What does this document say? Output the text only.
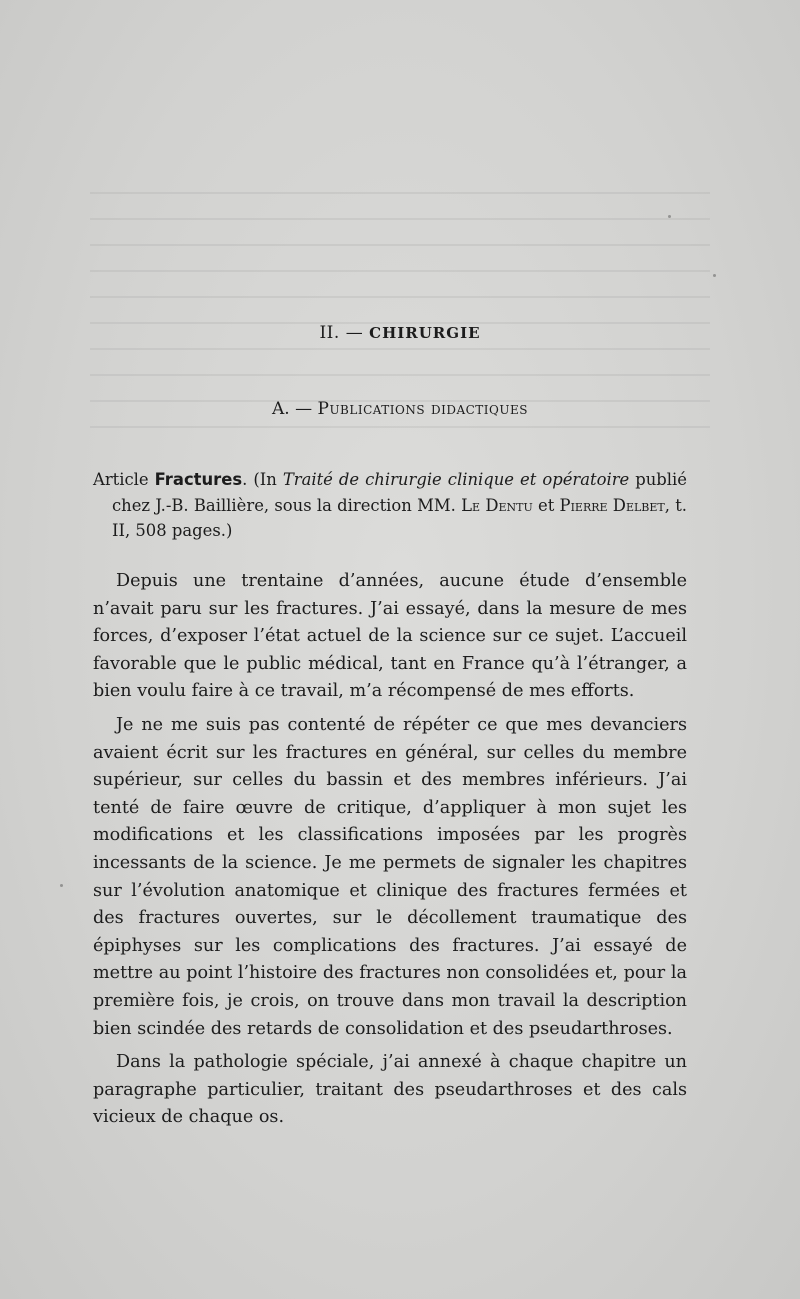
II. — CHIRURGIE
A. — Publications didactiques
Article Fractures. (In Traité de chirurgie clinique et opératoire publié chez J.-B. Baillière, sous la direction MM. Le Dentu et Pierre Delbet, t. II, 508 pages.)

Depuis une trentaine d’années, aucune étude d’ensemble n’avait paru sur les fractures. J’ai essayé, dans la mesure de mes forces, d’exposer l’état actuel de la science sur ce sujet. L’accueil favorable que le public médical, tant en France qu’à l’étranger, a bien voulu faire à ce travail, m’a récompensé de mes efforts.

Je ne me suis pas contenté de répéter ce que mes devanciers avaient écrit sur les fractures en général, sur celles du membre supérieur, sur celles du bassin et des membres inférieurs. J’ai tenté de faire œuvre de critique, d’appliquer à mon sujet les modifications et les classifications imposées par les progrès incessants de la science. Je me permets de signaler les chapitres sur l’évolution anatomique et clinique des fractures fermées et des fractures ouvertes, sur le décollement traumatique des épiphyses sur les complications des fractures. J’ai essayé de mettre au point l’histoire des fractures non consolidées et, pour la première fois, je crois, on trouve dans mon travail la description bien scindée des retards de consolidation et des pseudarthroses.

Dans la pathologie spéciale, j’ai annexé à chaque chapitre un paragraphe particulier, traitant des pseudarthroses et des cals vicieux de chaque os.
